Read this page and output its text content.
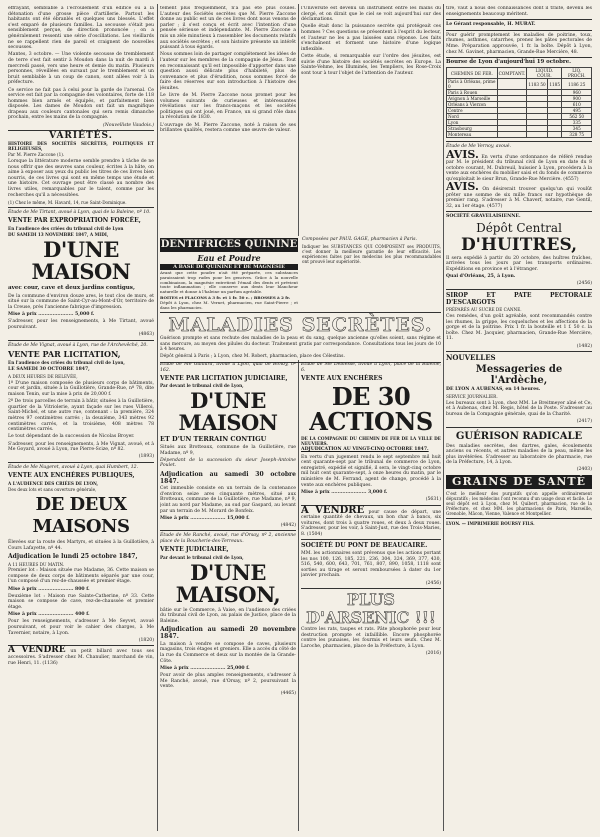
effrayant, semblable à l'écroulement d'un édifice ou à la détonation d'une grosse pièce d'artillerie. Partout les habitants ont été ébranlés et quelques uns blessés. L'effet s'est emparé de plusieurs familles. La secousse s'était peu sensiblement perçue, de direction prononcée ; on a généralement ressenti une série d'oscillations. Les vieillards ne se rappellent rien de pareil et craignent de nouvelles secousses.

Mantes, 3 octobre. — Une violente secousse de tremblement de terre s'est fait sentir à Moudon dans la nuit de mardi à mercredi passé, vers une heure et demie du matin. Plusieurs personnes, réveillées en sursaut par le tremblement et un bruit semblable à un coup de canon, sont allées voir à la préfecture.

Ce service ne fait pas à celui pour la garde de l'arsenal. Ce service est fait par la compagnie des volontaires, forte de 118 hommes bien armés et équipés, et parfaitement bien disposée. Les dames de Moudon ont fait un magnifique drapeau aux couleurs cantonales qui sera remis dimanche prochain, entre les mains de la compagnie.

(Nouvelliste Vaudois.)

VARIÉTÉS.

HISTOIRE DES SOCIÉTÉS SECRÈTES, POLITIQUES ET RELIGIEUSES,

Par M. Pierre Zaccone (1).

Lorsque la littérature moderne semble prendre à tâche de ne nous offrir que des œuvres sans couleur, écrites à la hâte, on aime à exposer aux yeux du public les titres de ces livres bien nourris, de ces livres qui sont en même temps une étude et une histoire. Cet ouvrage peut être classé au nombre des livres utiles, remarquables par le talent, comme par les recherches qu'il a nécessitées.

(1) Chez le même, M. Havard, 14, rue Saint-Dominique.

Étude de Me Tirtant, avoué à Lyon, quai de la Baleine, nº 10.

VENTE PAR EXPROPRIATION FORCÉE,

En l'audience des criées du tribunal civil de Lyon

DU SAMEDI 13 NOVEMBRE 1847, A MIDI,

D'UNE MAISON

avec cour, cave et deux jardins contigus,

De la commune d'environ douze ares, le tout clos de murs, et situé sur la commune de Saint-Cyr-au-Mont-d'Or, territoire de la Creuse, près l'ancienne fabrique d'impression.

Mise à prix ...................... 5,000 f.

S'adresser, pour les renseignements, à Me Tirtant, avoué poursuivant.

(4863)

Étude de Me Vignat, avoué à Lyon, rue de l'Archevêché, 20.

VENTE PAR LICITATION,

En l'audience des criées du tribunal civil de Lyon,

LE SAMEDI 30 OCTOBRE 1847,

A DEUX HEURES DE RELEVÉE,

1º D'une maison composée de plusieurs corps de bâtiments, cour et jardin, située à la Guillotière, Grande-Rue, nº 78, dite maison Tenin, sur la mise à prix de 20,000 f.

2º De trois parcelles de terrain à bâtir, situées à la Guillotière, quartier de la Vitriolerie, ayant façade sur les rues Villeroi, Saint-Michel, et une autre rue, contenant : la première, 324 mètres 97 centimètres carrés ; la deuxième, 343 mètres 92 centimètres carrés, et la troisième, 408 mètres 78 centimètres carrés.

Le tout dépendant de la succession de Nicolas Broyer.

S'adresser, pour les renseignements, à Me Vignat, avoué, et à Me Goyard, avoué à Lyon, rue Pierre-Scize, nº 82.

(1893)

Étude de Me Nugeret, avoué à Lyon, quai Humbert, 12.

VENTE AUX ENCHÈRES PUBLIQUES,

A L'AUDIENCE DES CRIÉES DE LYON,

Des deux lots et sans ouverture générale,

DE DEUX MAISONS

Élevées sur la route des Martyrs, et situées à la Guillotière, à Cours Lafayette, nº 44.

Adjudication le lundi 25 octobre 1847,

A 11 HEURES DU MATIN.

Premier lot : Maison située rue Madame, 36. Cette maison se compose de deux corps de bâtiments séparés par une cour, l'un composé d'un rez-de-chaussée et premier étage.

Mise à prix ...................... 800 f.

Deuxième lot : Maison rue Sainte-Catherine, nº 33. Cette maison se compose de cave, rez-de-chaussée et premier étage.

Mise à prix ...................... 400 f.

Pour les renseignements, s'adresser à Me Seyvet, avoué poursuivant, et pour voir le cahier des charges, à Me Tavernier, notaire, à Lyon.

(1820)

A VENDRE un petit billard avec tous ses accessoires. S'adresser chez M. Chanulier, marchand de vin, rue Henri, 11. (1136)

tement plus fréquemment, n'a pas été plus coulés. L'auteur des Sociétés secrètes que M. Pierre Zaccone donne au public est un de ces livres dont nous venons de parler ; il s'est conçu et écrit avec l'intention d'une pensée sérieuse et indépendante. M. Pierre Zaccone a mis un zèle minutieux à rassembler les documents relatifs aux sociétés secrètes ; et son histoire présente un intérêt puissant à tous égards.

Nous sommes loin de partager complétement les idées de l'auteur sur les membres de la compagnie de Jésus. Tout en reconnaissant qu'il est impossible d'apporter dans une question aussi délicate plus d'habileté, plus de convenance et plus d'érudition, nous sommes forcé de faire des réserves sur son introduction à l'histoire des jésuites.

Le livre de M. Pierre Zaccone nous promet pour les volumes suivants de curieuses et intéressantes révélations sur les francs-maçons et les sociétés politiques qui ont joué, en France, un si grand rôle dans la révolution de 1830.

L'ouvrage de M. Pierre Zaccone, noté à raison de ses brillantes qualités, restera comme une œuvre de valeur.

l'Université est devenu un instrument entre les mains du clergé, et on dirait que le ciel se voit aujourd'hui sur des déclamations.

Quelle était donc la puissance secrète qui protégeait ces hommes ? Ces questions se présentent à l'esprit du lecteur, et l'auteur ne les a pas laissées sans réponse. Les faits s'enchaînent et forment une histoire d'une logique inflexible.

Cette étude, si remarquable sur l'ordre des jésuites, est suivie d'une histoire des sociétés secrètes en Europe. La Sainte-Vehme, les Illuminés, les Templiers, les Rose-Croix sont tour à tour l'objet de l'attention de l'auteur.

DENTIFRICES QUININE
Eau et Poudre
A BASE DE QUININE ET DE MAGNÉSIE

Avant que cette poudre n'ait été préparée, ces substances paraissaient trop rudes pour les gencives. Grâce à la nouvelle combinaison, la magnésie entretient l'émail des dents et prévient toute inflammation ; elle conserve aux dents leur blancheur naturelle et donne à l'haleine un parfum agréable.

BOITES et FLACONS à 3 fr. et 1 fr. 50 c. ; BROSSES à 2 fr.

Dépôt à Lyon, chez M. Vernet, pharmacien, rue Saint-Pierre ; et dans les pharmacies.

Composées par PAUL GAGE, pharmacien à Paris.

Indiquer les SUBSTANCES QUI COMPOSENT ses PRODUITS, c'est donner la meilleure garantie de leur efficacité. Les expériences faites par les médecins les plus recommandables ont prouvé leur supériorité.

MALADIES SECRÈTES.

Guérison prompte et sans rechute des maladies de la peau et du sang, quelque ancienne qu'elles soient, sans régime et sans mercure, au moyen des pilules du docteur. Traitement gratis par correspondance. Consultations tous les jours de 10 à 4 heures.

Dépôt général à Paris ; à Lyon, chez M. Robert, pharmacien, place des Célestins.

Étude de Me Gaillard, avoué à Lyon, quai de Bondy, nº 162.

VENTE PAR LICITATION JUDICIAIRE,

Par devant le tribunal civil de Lyon,

D'UNE MAISON

ET D'UN TERRAIN CONTIGU

Situés aux Brotteaux, commune de la Guillotière, rue Madame, nº 9,

Dépendant de la succession du sieur Joseph-Antoine Poulet.

Adjudication au samedi 30 octobre 1847.

Cet immeuble consiste en un terrain de la contenance d'environ seize ares cinquante mètres, situé aux Brotteaux, commune de la Guillotière, rue Madame, nº 9, joint au nord par Madame, au sud par Gaspard, au levant par un terrain de M. Morard de Bonfeix.

Mise à prix ...................... 15,000 f.

(4842)

Étude de Me Ranché, avoué, rue d'Orsay, nº 2, ancienne place de la Boucherie-des-Terreaux.

VENTE JUDICIAIRE,

Par devant le tribunal civil de Lyon,

D'UNE MAISON,

bâtie sur le Commerce, à Vaise, en l'audience des criées du tribunal civil de Lyon, au palais de Justice, place de la Baleine.

Adjudication au samedi 20 novembre 1847.

La maison à vendre se compose de caves, plusieurs magasins, trois étages et greniers. Elle a accès du côté de la rue du Commerce et deux sur la montée de la Grande-Côte.

Mise à prix ...................... 25,000 f.

Pour avoir de plus amples renseignements, s'adresser à Me Ranché, avoué, rue d'Orsay, nº 2, poursuivant la vente.

(4465)

Étude de Me Debiesse, avoué à Lyon, place de la Baleine, 6.

VENTE AUX ENCHÈRES

DE 30 ACTIONS

DE LA COMPAGNIE DU CHEMIN DE FER DE LA VILLE DE NEUVIERS.

ADJUDICATION AU VINGT-CINQ OCTOBRE 1847.

En vertu d'un jugement rendu le sept septembre mil huit cent quarante-sept par le tribunal de commerce de Lyon, enregistré, expédié et signifié, il sera, le vingt-cinq octobre mil huit cent quarante-sept, à onze heures du matin, par le ministère de M. Ferrand, agent de change, procédé à la vente aux enchères publiques.

Mise à prix ...................... 3,000 f.

(5631)

A VENDRE pour cause de départ, une certaine quantité de chevaux, un bon char à bancs, six voitures, dont trois à quatre roues, et deux à deux roues. S'adresser, pour les voir, à Saint-Just, rue des Trois-Maries, 8. (1504)

SOCIÉTÉ DU PONT DE BEAUCAIRE.

MM. les actionnaires sont prévenus que les actions portant les nos 100, 126, 185, 221, 236, 304, 324, 369, 377, 430, 516, 540, 600, 643, 701, 761, 807, 890, 1058, 1118 sont sorties au tirage et seront remboursées à dater du 1er janvier prochain.

(2456)

PLUS D'ARSENIC !!!

Contre les rats, taupes et rats. Pâte phosphorée pour leur destruction prompte et infaillible. Encore phosphorée contre les punaises, les fourmis et leurs œufs. Chez M. Laroche, pharmacien, place de la Préfecture, à Lyon.

(2016)

tiré, vaut à nous des connaissances dont il traite, devenu les enseignements beaucoup méritent.

Le Gérant responsable, H. MURAT.

Pour guérir promptement les maladies de poitrine, toux, rhumes, asthmes, catarrhes, prenez les pâtes pectorales de Mme. Préparation approuvée, 1 fr. la boîte. Dépôt à Lyon, chez M. Gavinet, pharmacien, Grande-Rue Mercière, 48.

Bourse de Lyon d'aujourd'hui 19 octobre.

CHEMINS DE FER.	COMPTANT.	LIQUID. COUR.		LIQ. PROCH.
Paris à Orléans, prime 0		1183 50	1185	1186 25
Paris à Rouen				960
Avignon à Marseille				900
Orléans à Vierzon				610
Centre				495
Nord				562 50
Lyon				335
Strasbourg				345
Montereau				328 75

Étude de Me Vernoy, avoué.

AVIS. En vertu d'une ordonnance de référé rendue par M. le président du tribunal civil de Lyon en date du 8 octobre courant, M. Dubreuil, huissier à Lyon, procédera à la vente aux enchères du mobilier saisi et du fonds de commerce qu'exploitait le sieur Brun, Grande-Rue Mercière. (4557)

AVIS. On désirerait trouver quelqu'un qui voulût prêter une somme de six mille francs sur hypothèque de premier rang. S'adresser à M. Chaverf, notaire, rue Gentil, 32, au 1er étage. (4577)

SOCIÉTÉ GRAVELAISIENNE.

Dépôt Central
D'HUITRES,

Il sera expédié à partir du 20 octobre, des huîtres fraîches, arrivées tous les jours par les transports ordinaires. Expéditions en province et à l'étranger.

Quai d'Orléans, 25, à Lyon.

(2456)

SIROP ET PATE PECTORALE D'ESCARGOTS

PRÉPARÉS AU SUCRE DE CANNE.

Ces remèdes, d'un goût agréable, sont recommandés contre les rhumes, la grippe, les coqueluches et les affections de la gorge et de la poitrine. Prix 1 fr. la bouteille et 1 f. 50 c. la boîte. Chez M. Jacquier, pharmacien, Grande-Rue Mercière, 11.

(1482)

NOUVELLES

Messageries de l'Ardèche,

DE LYON A AUBENAS, en 14 heures.

SERVICE JOURNALIER.

Les bureaux sont à Lyon, chez MM. Le Breitmeyer aîné et Ce, et à Aubenas, chez M. Regis, hôtel de la Poste. S'adresser au bureau de la Compagnie générale, quai de la Charité.

(2417)

GUÉRISON RADICALE

Des maladies secrètes, des dartres, gales, écoulements anciens ou récents, et autres maladies de la peau, même les plus invétérées. S'adresser au laboratoire de pharmacie, rue de la Préfecture, 14, à Lyon.

(2403)

GRAINS DE SANTÉ

C'est le meilleur des purgatifs qu'on appelle ordinairement dépuratifs ; les médecins l'ont reconnu d'un usage doux et facile. Le seul dépôt est à Lyon, chez M. Quibert, pharmacien, rue de la Préfecture, et chez MM. les pharmaciens de Paris, Marseille, Grenoble, Mâcon, Vienne, Valence et Montpellier.

LYON. — IMPRIMERIE BOURSY FILS.
